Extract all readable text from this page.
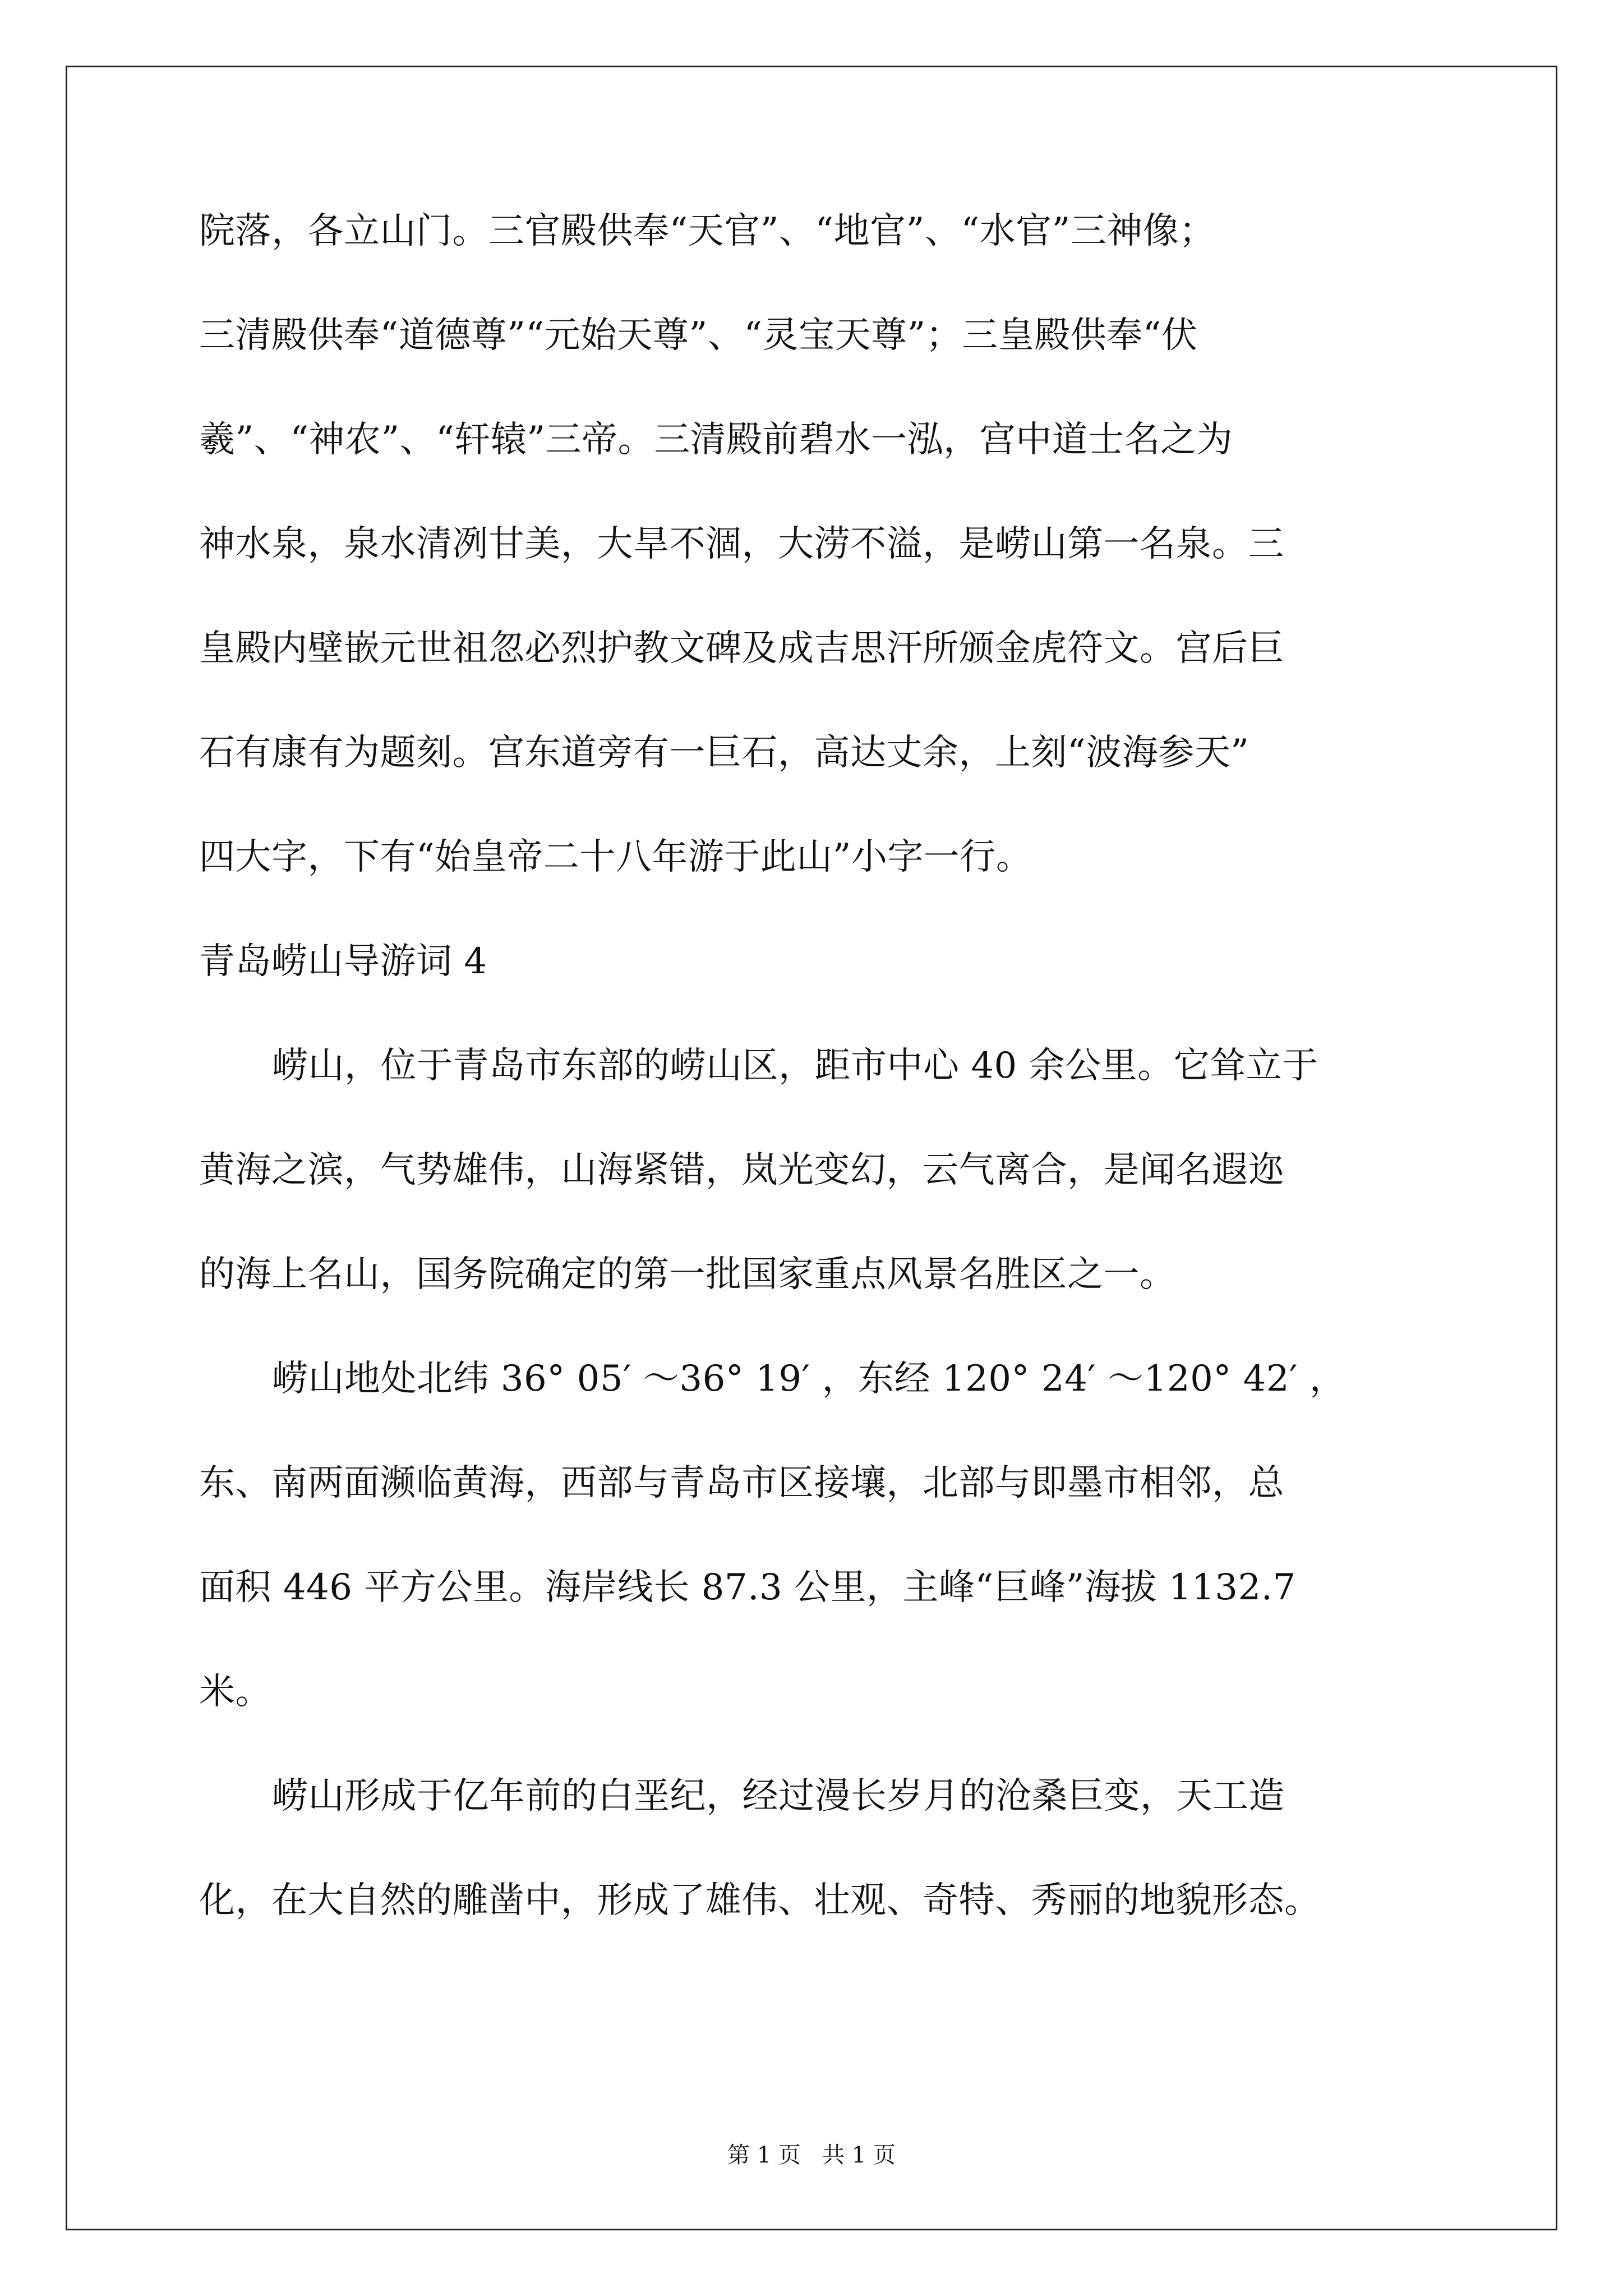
院落，各立山门。三官殿供奉“天官”、“地官”、“水官”三神像；
三清殿供奉“道德尊”“元始天尊”、“灵宝天尊”；三皇殿供奉“伏
羲”、“神农”、“轩辕”三帝。三清殿前碧水一泓，宫中道士名之为
神水泉，泉水清冽甘美，大旱不涸，大涝不溢，是崂山第一名泉。三
皇殿内壁嵌元世祖忽必烈护教文碑及成吉思汗所颁金虎符文。宫后巨
石有康有为题刻。宫东道旁有一巨石，高达丈余，上刻“波海参天”
四大字，下有“始皇帝二十八年游于此山”小字一行。
青岛崂山导游词 4
崂山，位于青岛市东部的崂山区，距市中心 40 余公里。它耸立于
黄海之滨，气势雄伟，山海紧错，岚光变幻，云气离合，是闻名遐迩
的海上名山，国务院确定的第一批国家重点风景名胜区之一。
崂山地处北纬 36° 05′ ～36° 19′ ，东经 120° 24′ ～120° 42′ ，
东、南两面濒临黄海，西部与青岛市区接壤，北部与即墨市相邻，总
面积 446 平方公里。海岸线长 87.3 公里，主峰“巨峰”海拔 1132.7
米。
崂山形成于亿年前的白垩纪，经过漫长岁月的沧桑巨变，天工造
化，在大自然的雕凿中，形成了雄伟、壮观、奇特、秀丽的地貌形态。
第 1 页   共 1 页
